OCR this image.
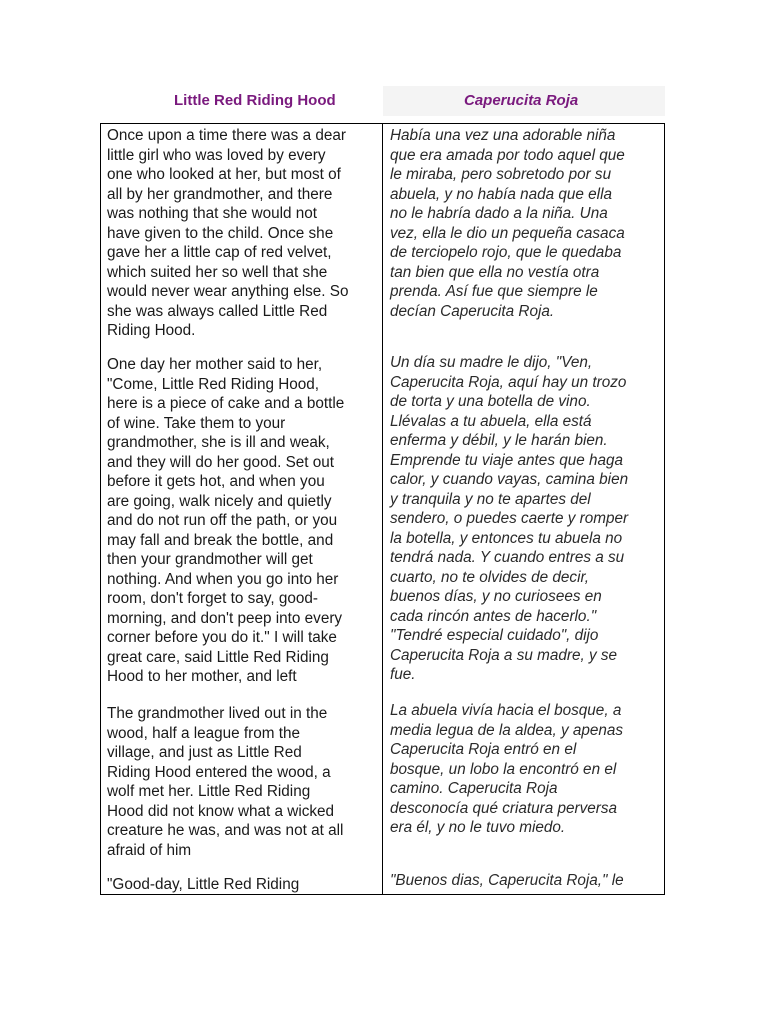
Little Red Riding Hood	Caperucita Roja
Once upon a time there was a dear
little girl who was loved by every
one who looked at her, but most of
all by her grandmother, and there
was nothing that she would not
have given to the child. Once she
gave her a little cap of red velvet,
which suited her so well that she
would never wear anything else. So
she was always called Little Red
Riding Hood.
One day her mother said to her,
"Come, Little Red Riding Hood,
here is a piece of cake and a bottle
of wine. Take them to your
grandmother, she is ill and weak,
and they will do her good. Set out
before it gets hot, and when you
are going, walk nicely and quietly
and do not run off the path, or you
may fall and break the bottle, and
then your grandmother will get
nothing. And when you go into her
room, don't forget to say, good-
morning, and don't peep into every
corner before you do it." I will take
great care, said Little Red Riding
Hood to her mother, and left
The grandmother lived out in the
wood, half a league from the
village, and just as Little Red
Riding Hood entered the wood, a
wolf met her. Little Red Riding
Hood did not know what a wicked
creature he was, and was not at all
afraid of him
"Good-day, Little Red Riding
Había una vez una adorable niña
que era amada por todo aquel que
le miraba, pero sobretodo por su
abuela, y no había nada que ella
no le habría dado a la niña. Una
vez, ella le dio un pequeña casaca
de terciopelo rojo, que le quedaba
tan bien que ella no vestía otra
prenda. Así fue que siempre le
decían Caperucita Roja.
Un día su madre le dijo, "Ven,
Caperucita Roja, aquí hay un trozo
de torta y una botella de vino.
Llévalas a tu abuela, ella está
enferma y débil, y le harán bien.
Emprende tu viaje antes que haga
calor, y cuando vayas, camina bien
y tranquila y no te apartes del
sendero, o puedes caerte y romper
la botella, y entonces tu abuela no
tendrá nada. Y cuando entres a su
cuarto, no te olvides de decir,
buenos días, y no curiosees en
cada rincón antes de hacerlo."
"Tendré especial cuidado", dijo
Caperucita Roja a su madre, y se
fue.
La abuela vivía hacia el bosque, a
media legua de la aldea, y apenas
Caperucita Roja entró en el
bosque, un lobo la encontró en el
camino. Caperucita Roja
desconocía qué criatura perversa
era él, y no le tuvo miedo.
"Buenos dias, Caperucita Roja," le
